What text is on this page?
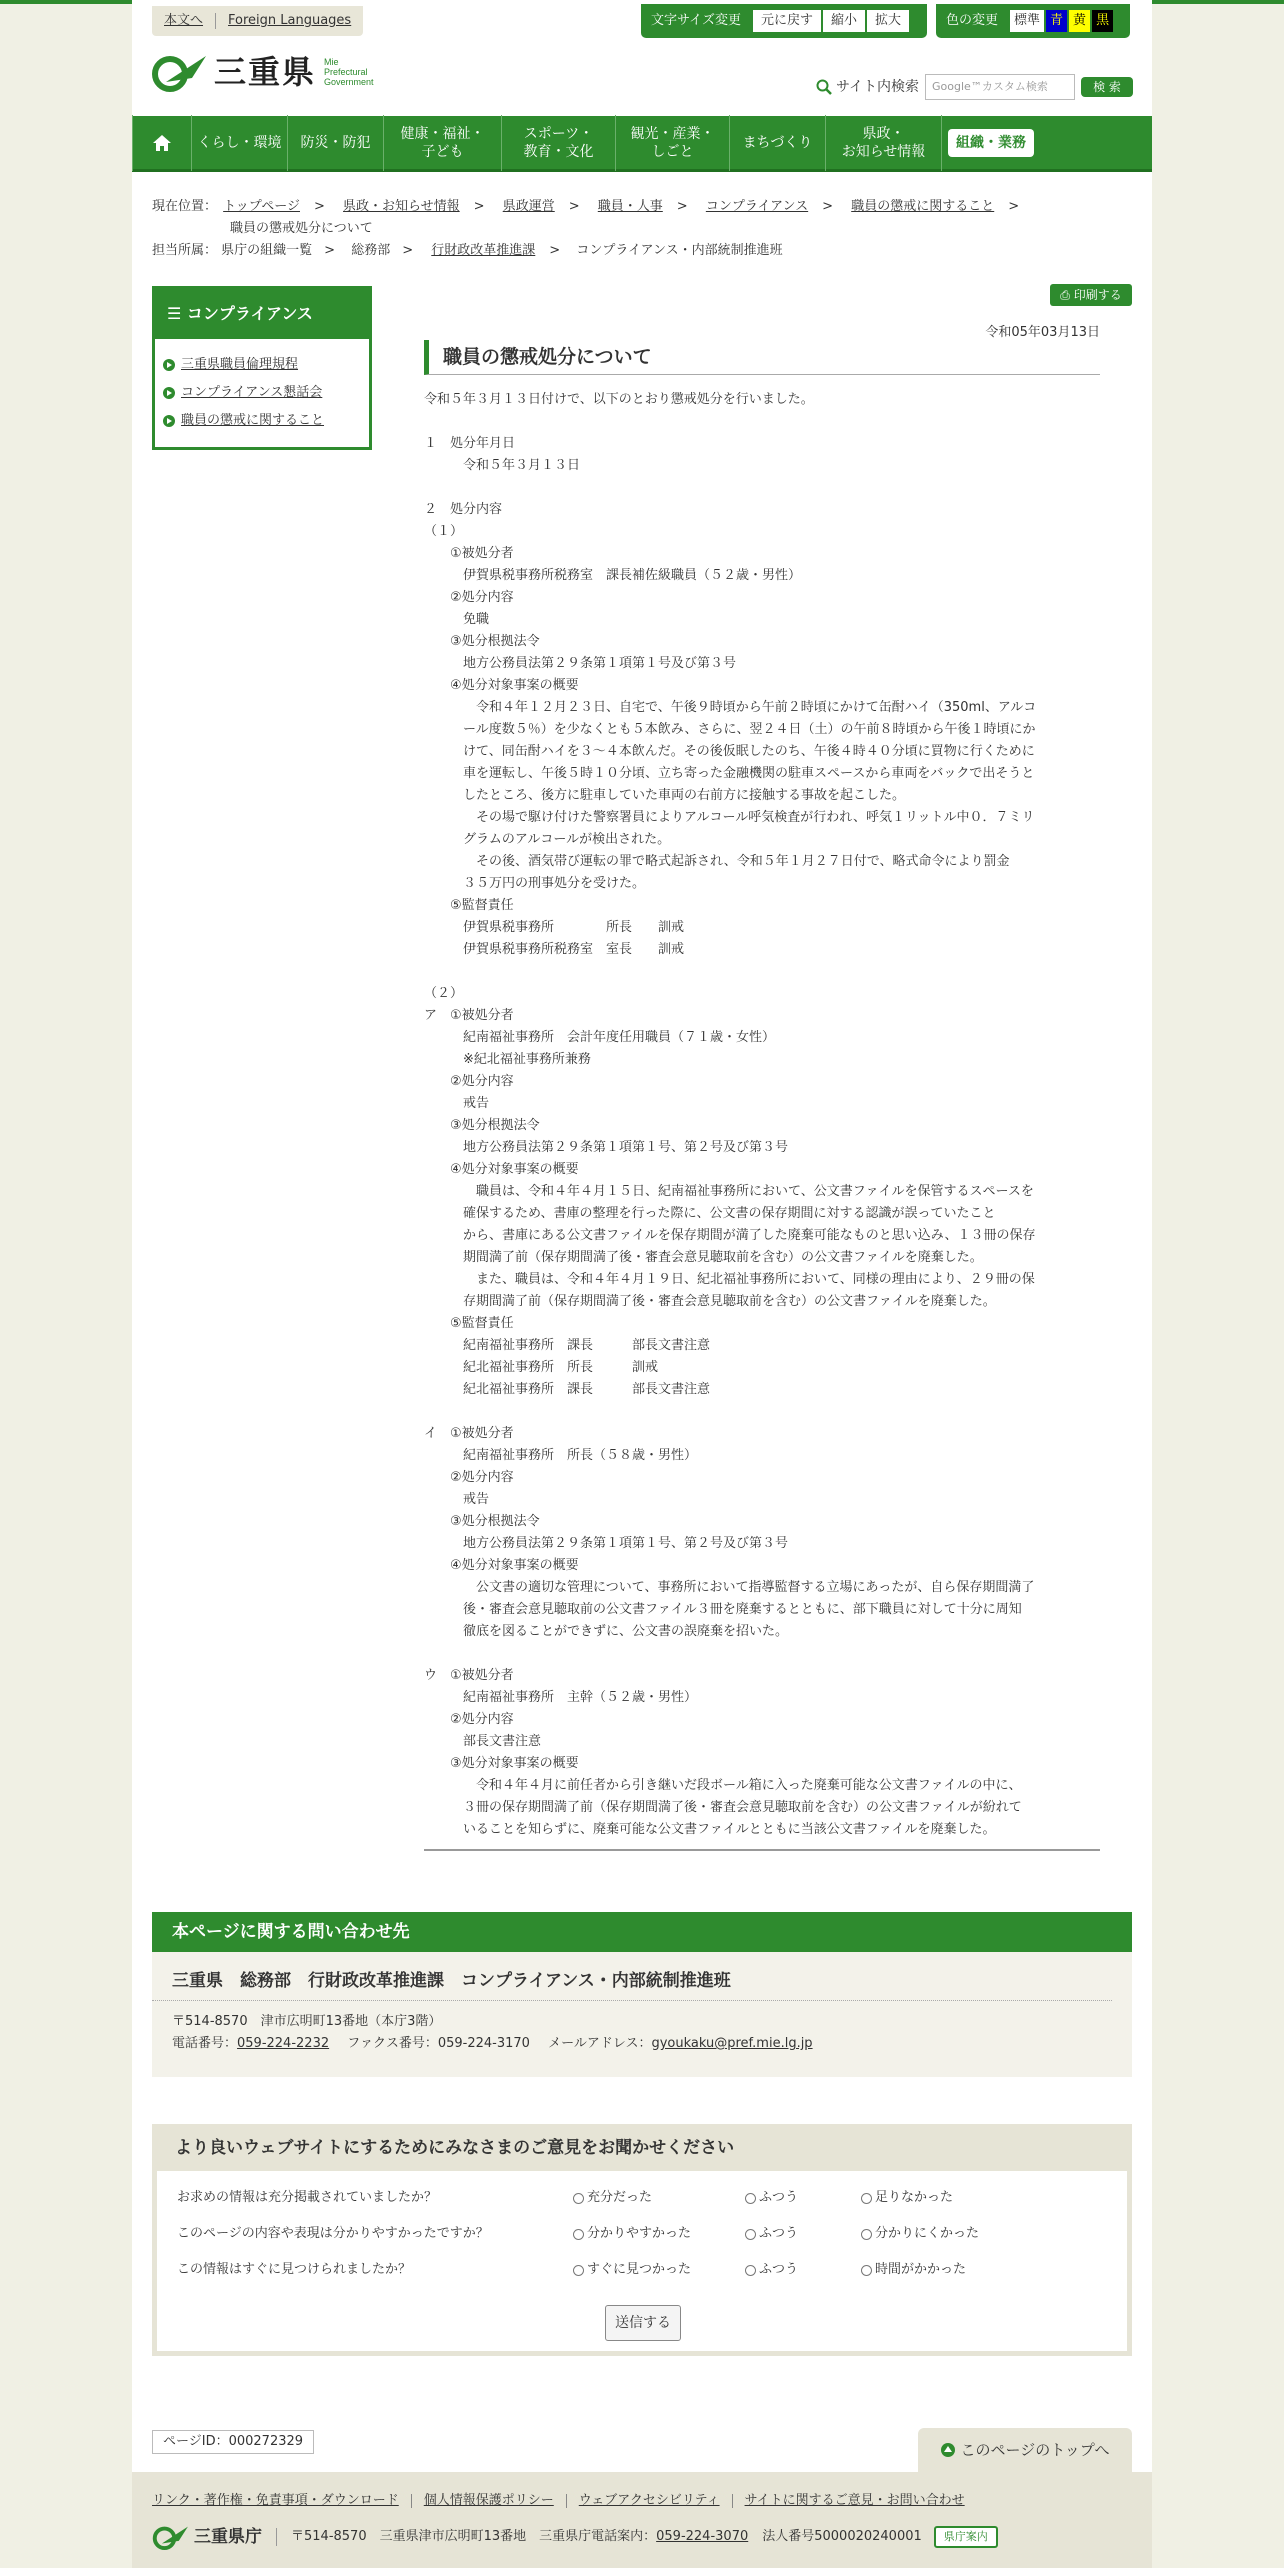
本文へ Foreign Languages	文字サイズ変更	元に戻す	縮小	拡大	色の変更	標準 青 黄 黒
三重県 Mie
Prefectural
Government	サイト内検索	Google™カスタム検索	検 索
くらし・環境	防災・防犯
健康・福祉・
子ども
スポーツ・
教育・文化
観光・産業・
しごと
まちづくり
県政・
お知らせ情報
組織・業務
現在位置： トップページ > 県政・お知らせ情報 > 県政運営 > 職員・人事 > コンプライアンス > 職員の懲戒に関すること >
職員の懲戒処分について
担当所属： 県庁の組織一覧 > 総務部 > 行財政改革推進課 > コンプライアンス・内部統制推進班
☰ コンプライアンス
三重県職員倫理規程
コンプライアンス懇話会
職員の懲戒に関すること
⎙ 印刷する
令和05年03月13日
職員の懲戒処分について
令和５年３月１３日付けで、以下のとおり懲戒処分を行いました。
１　処分年月日
　　　令和５年３月１３日
２　処分内容
（１）
　　①被処分者
　　　伊賀県税事務所税務室　課長補佐級職員（５２歳・男性）
　　②処分内容
　　　免職
　　③処分根拠法令
　　　地方公務員法第２９条第１項第１号及び第３号
　　④処分対象事案の概要
　　　　令和４年１２月２３日、自宅で、午後９時頃から午前２時頃にかけて缶酎ハイ（350ml、アルコ
　　　ール度数５％）を少なくとも５本飲み、さらに、翌２４日（土）の午前８時頃から午後１時頃にか
　　　けて、同缶酎ハイを３～４本飲んだ。その後仮眠したのち、午後４時４０分頃に買物に行くために
　　　車を運転し、午後５時１０分頃、立ち寄った金融機関の駐車スペースから車両をバックで出そうと
　　　したところ、後方に駐車していた車両の右前方に接触する事故を起こした。
　　　　その場で駆け付けた警察署員によりアルコール呼気検査が行われ、呼気１リットル中０．７ミリ
　　　グラムのアルコールが検出された。
　　　　その後、酒気帯び運転の罪で略式起訴され、令和５年１月２７日付で、略式命令により罰金
　　　３５万円の刑事処分を受けた。
　　⑤監督責任
　　　伊賀県税事務所　　　　所長　　訓戒
　　　伊賀県税事務所税務室　室長　　訓戒
（２）
ア　①被処分者
　　　紀南福祉事務所　会計年度任用職員（７１歳・女性）
　　　※紀北福祉事務所兼務
　　②処分内容
　　　戒告
　　③処分根拠法令
　　　地方公務員法第２９条第１項第１号、第２号及び第３号
　　④処分対象事案の概要
　　　　職員は、令和４年４月１５日、紀南福祉事務所において、公文書ファイルを保管するスペースを
　　　確保するため、書庫の整理を行った際に、公文書の保存期間に対する認識が誤っていたこと
　　　から、書庫にある公文書ファイルを保存期間が満了した廃棄可能なものと思い込み、１３冊の保存
　　　期間満了前（保存期間満了後・審査会意見聴取前を含む）の公文書ファイルを廃棄した。
　　　　また、職員は、令和４年４月１９日、紀北福祉事務所において、同様の理由により、２９冊の保
　　　存期間満了前（保存期間満了後・審査会意見聴取前を含む）の公文書ファイルを廃棄した。
　　⑤監督責任
　　　紀南福祉事務所　課長　　　部長文書注意
　　　紀北福祉事務所　所長　　　訓戒
　　　紀北福祉事務所　課長　　　部長文書注意
イ　①被処分者
　　　紀南福祉事務所　所長（５８歳・男性）
　　②処分内容
　　　戒告
　　③処分根拠法令
　　　地方公務員法第２９条第１項第１号、第２号及び第３号
　　④処分対象事案の概要
　　　　公文書の適切な管理について、事務所において指導監督する立場にあったが、自ら保存期間満了
　　　後・審査会意見聴取前の公文書ファイル３冊を廃棄するとともに、部下職員に対して十分に周知
　　　徹底を図ることができずに、公文書の誤廃棄を招いた。
ウ　①被処分者
　　　紀南福祉事務所　主幹（５２歳・男性）
　　②処分内容
　　　部長文書注意
　　③処分対象事案の概要
　　　　令和４年４月に前任者から引き継いだ段ボール箱に入った廃棄可能な公文書ファイルの中に、
　　　３冊の保存期間満了前（保存期間満了後・審査会意見聴取前を含む）の公文書ファイルが紛れて
　　　いることを知らずに、廃棄可能な公文書ファイルとともに当該公文書ファイルを廃棄した。
本ページに関する問い合わせ先
三重県　総務部　行財政改革推進課　コンプライアンス・内部統制推進班
〒514-8570　津市広明町13番地（本庁3階）
電話番号：059-224-2232 ファクス番号：059-224-3170 メールアドレス：gyoukaku@pref.mie.lg.jp
より良いウェブサイトにするためにみなさまのご意見をお聞かせください
お求めの情報は充分掲載されていましたか？	充分だった	ふつう	足りなかった
このページの内容や表現は分かりやすかったですか？	分かりやすかった	ふつう	分かりにくかった
この情報はすぐに見つけられましたか？	すぐに見つかった	ふつう	時間がかかった
送信する
ページID：000272329	このページのトップへ
リンク・著作権・免責事項・ダウンロード 個人情報保護ポリシー ウェブアクセシビリティ サイトに関するご意見・お問い合わせ
三重県庁 〒514-8570　三重県津市広明町13番地　三重県庁電話案内： 059-224-3070 法人番号5000020240001	県庁案内
